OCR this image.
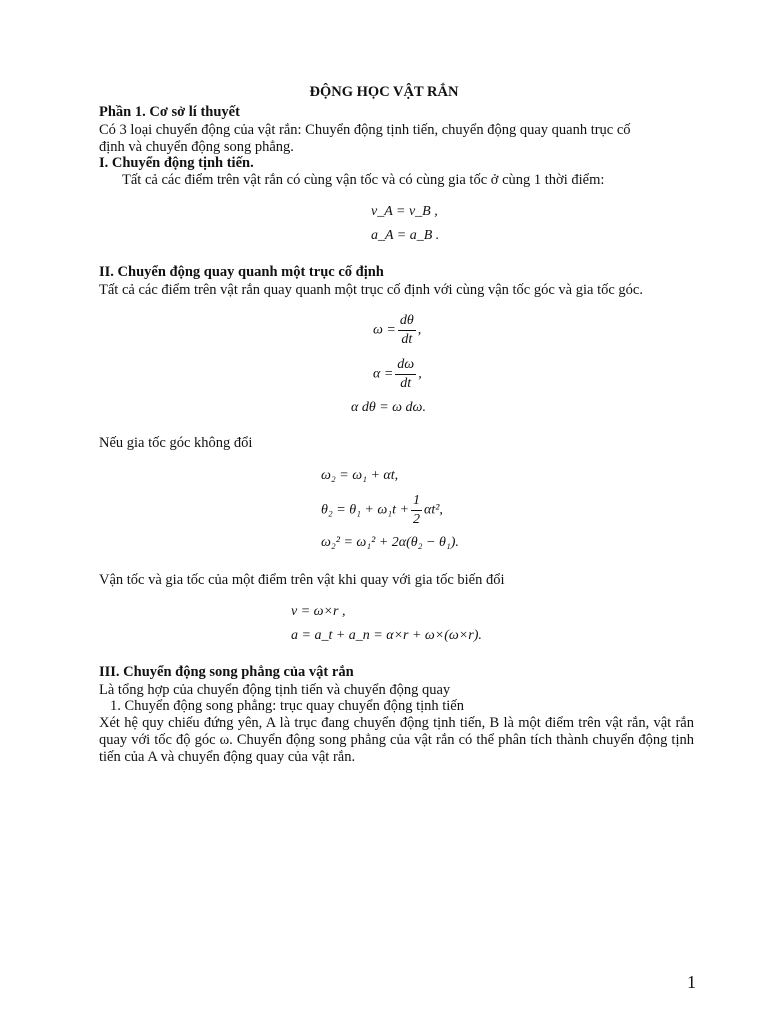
ĐỘNG HỌC VẬT RẮN
Phần 1. Cơ sở lí thuyết
Có 3 loại chuyển động của vật rắn: Chuyển động tịnh tiến, chuyển động quay quanh trục cố
định và chuyển động song phẳng.
I. Chuyển động tịnh tiến.
Tất cả các điểm trên vật rắn có cùng vận tốc và có cùng gia tốc ở cùng 1 thời điểm:
v_A = v_B ,
a_A = a_B .
II. Chuyển động quay quanh một trục cố định
Tất cả các điểm trên vật rắn quay quanh một trục cố định với cùng vận tốc góc và gia tốc góc.
$\omega = \frac{d\theta}{dt}$ ,
$\alpha = \frac{d\omega}{dt}$ ,
α dθ = ω dω.
Nếu gia tốc góc không đổi
ω₂ = ω₁ + αt,
$\theta_2 = \theta_1 + \omega_1t + \frac{1}{2} \alpha t^2$,
ω₂² = ω₁² + 2α(θ₂ − θ₁).
Vận tốc và gia tốc của một điểm trên vật khi quay với gia tốc biến đổi
v = ω×r ,
a = a_t + a_n = α×r + ω×(ω×r).
III. Chuyển động song phẳng của vật rắn
Là tổng hợp của chuyển động tịnh tiến và chuyển động quay
1. Chuyển động song phẳng: trục quay chuyển động tịnh tiến
Xét hệ quy chiếu đứng yên, A là trục đang chuyển động tịnh tiến, B là một điểm trên vật rắn, vật rắn quay với tốc độ góc ω. Chuyển động song phẳng của vật rắn có thể phân tích thành chuyển động tịnh tiến của A và chuyển động quay của vật rắn.
1
